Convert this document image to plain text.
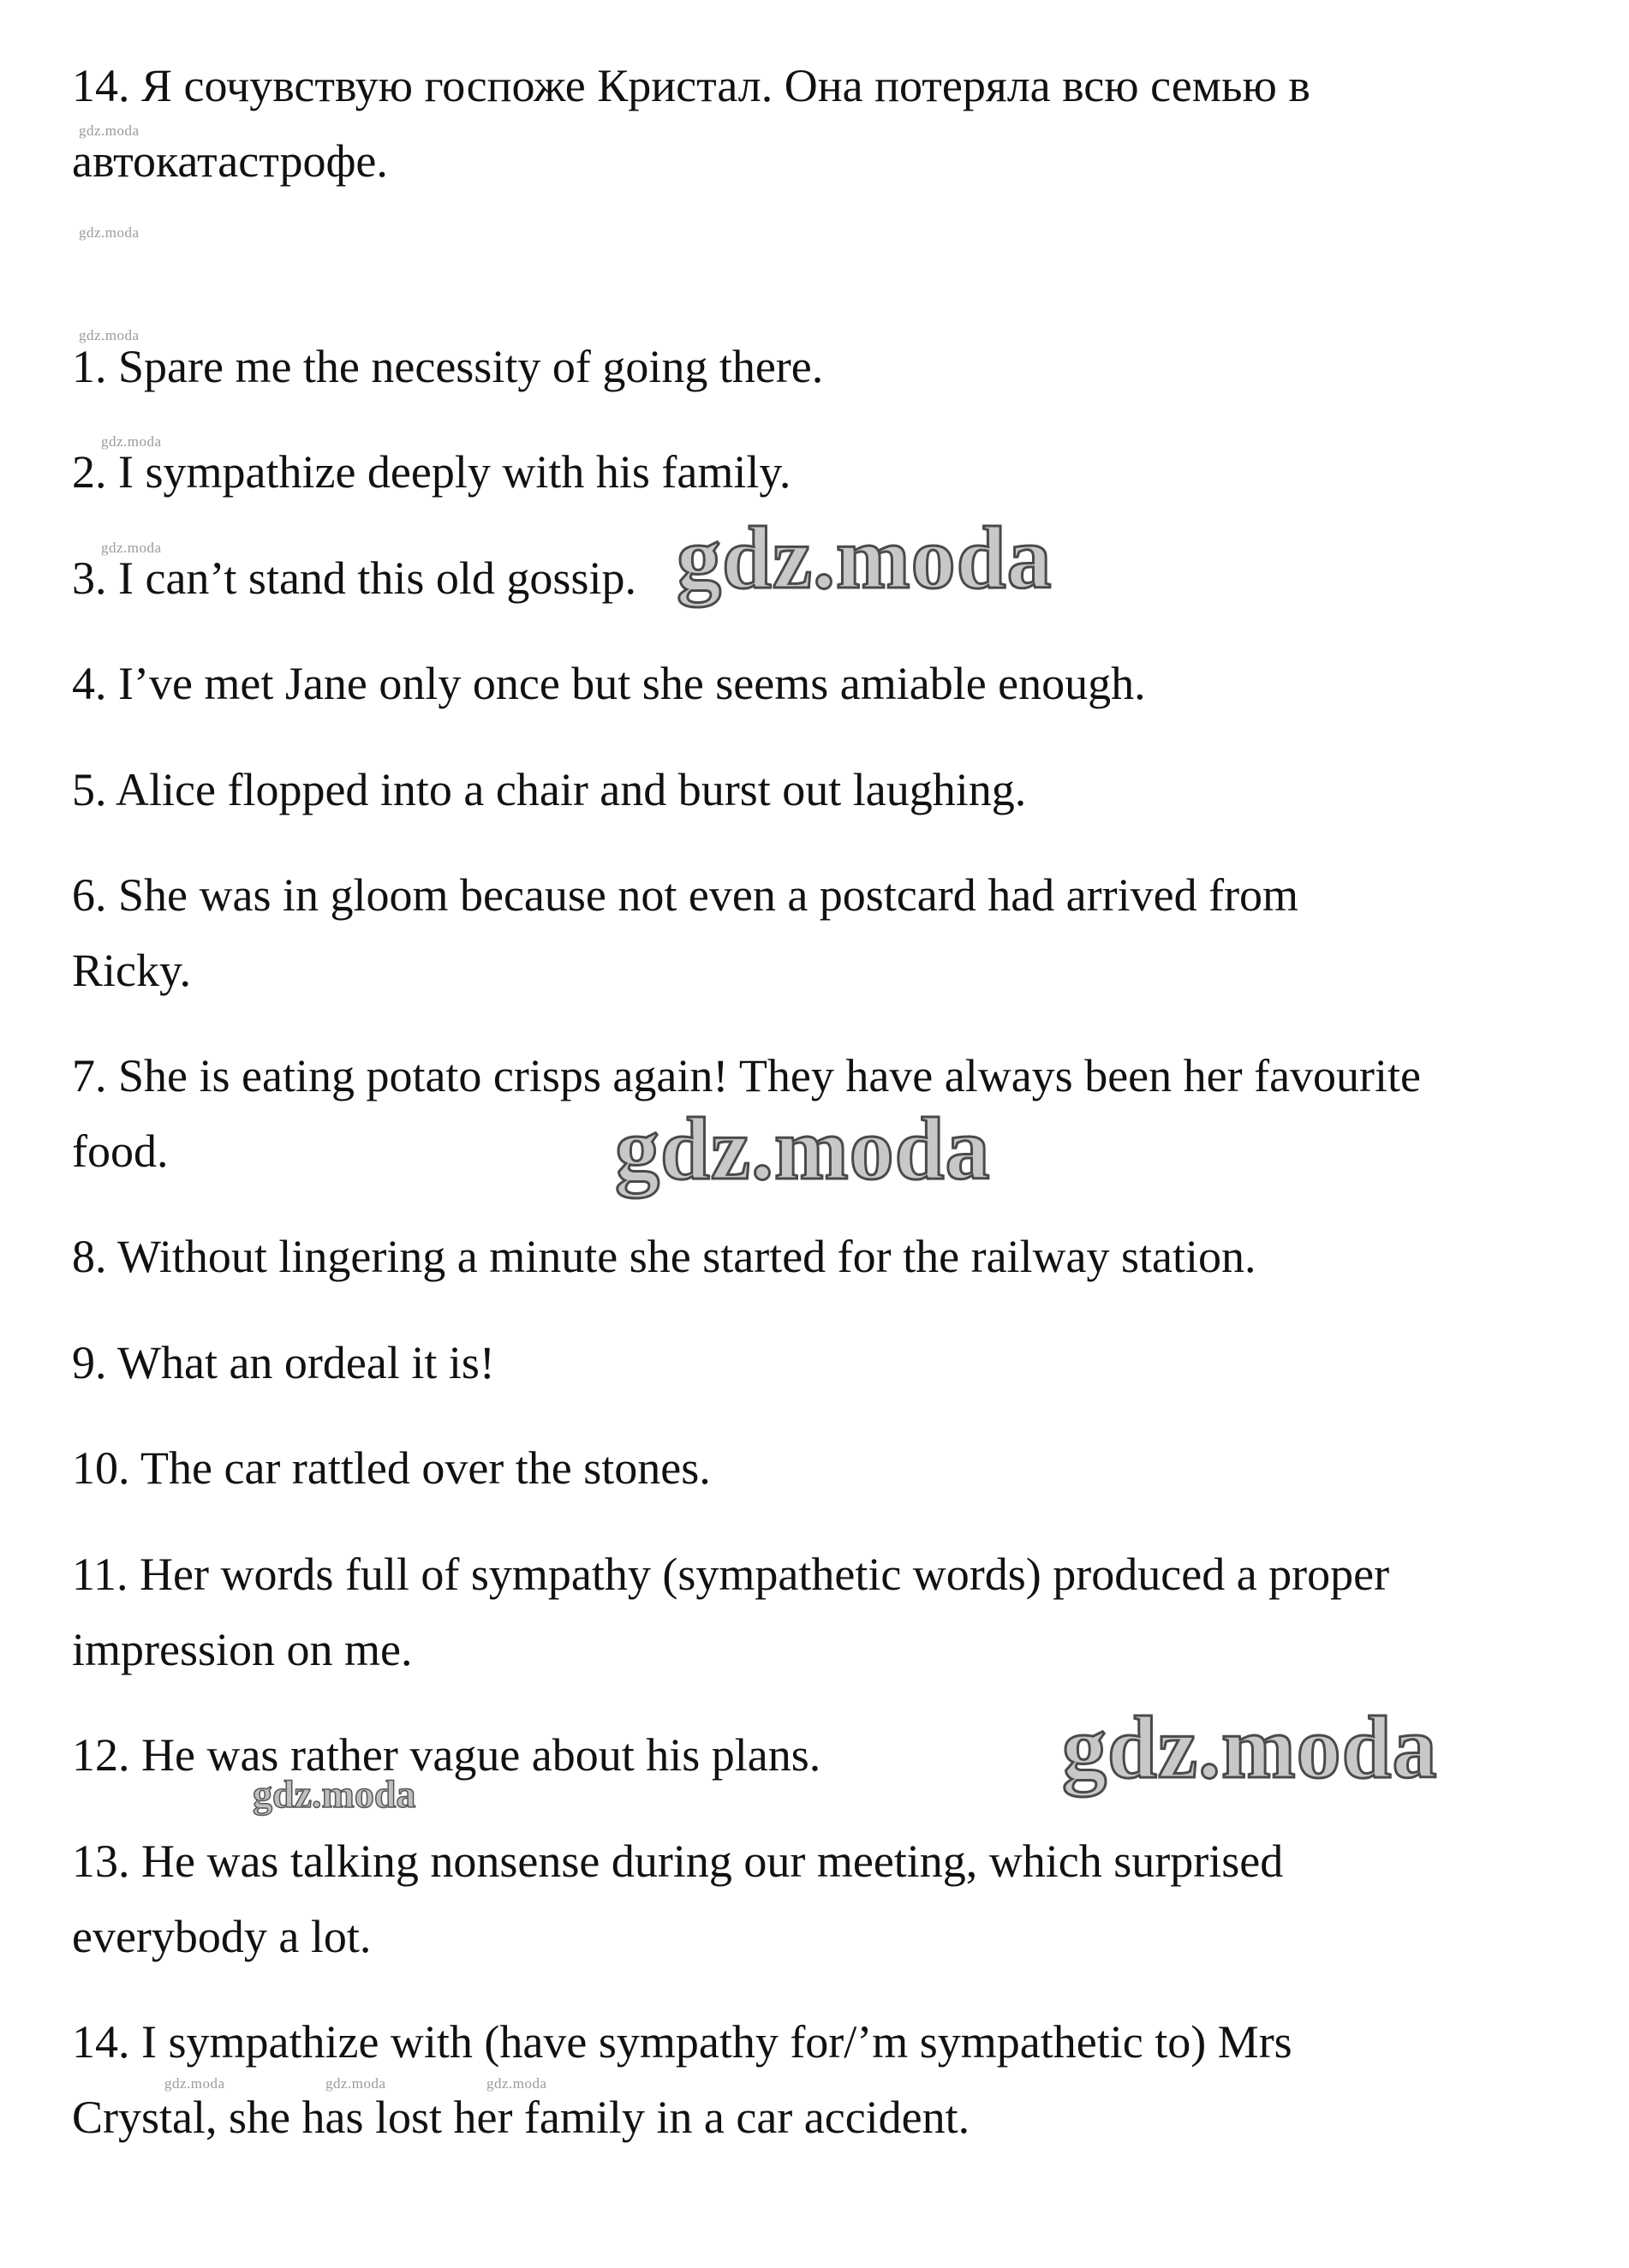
14. Я сочувствую госпоже Кристал. Она потеряла всю семью в
автокатастрофе.
1. Spare me the necessity of going there.
2. I sympathize deeply with his family.
3. I can’t stand this old gossip.
4. I’ve met Jane only once but she seems amiable enough.
5. Alice flopped into a chair and burst out laughing.
6. She was in gloom because not even a postcard had arrived from
Ricky.
7. She is eating potato crisps again! They have always been her favourite
food.
8. Without lingering a minute she started for the railway station.
9. What an ordeal it is!
10. The car rattled over the stones.
11. Her words full of sympathy (sympathetic words) produced a proper
impression on me.
12. He was rather vague about his plans.
13. He was talking nonsense during our meeting, which surprised
everybody a lot.
14. I sympathize with (have sympathy for/’m sympathetic to) Mrs
Crystal, she has lost her family in a car accident.
gdz.moda
gdz.moda
gdz.moda
gdz.moda
gdz.moda
gdz.moda	gdz.moda	gdz.moda
gdz.moda
gdz.moda
gdz.moda
gdz.moda
